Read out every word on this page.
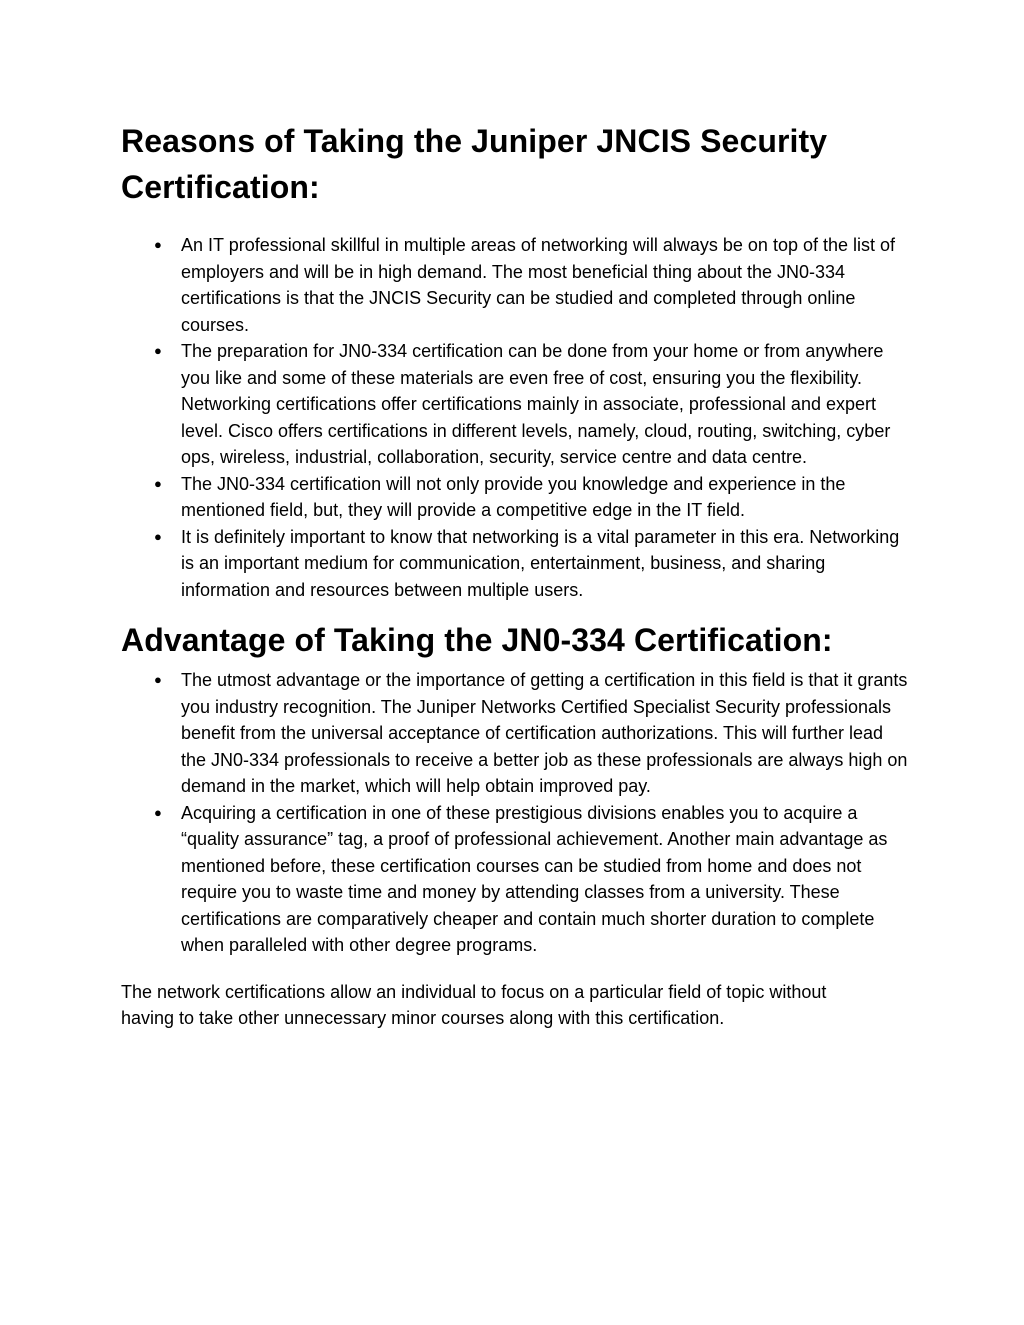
Reasons of Taking the Juniper JNCIS Security Certification:
● An IT professional skillful in multiple areas of networking will always be on top of the list of employers and will be in high demand. The most beneficial thing about the JN0-334 certifications is that the JNCIS Security can be studied and completed through online courses.
● The preparation for JN0-334 certification can be done from your home or from anywhere you like and some of these materials are even free of cost, ensuring you the flexibility. Networking certifications offer certifications mainly in associate, professional and expert level. Cisco offers certifications in different levels, namely, cloud, routing, switching, cyber ops, wireless, industrial, collaboration, security, service centre and data centre.
● The JN0-334 certification will not only provide you knowledge and experience in the mentioned field, but, they will provide a competitive edge in the IT field.
● It is definitely important to know that networking is a vital parameter in this era. Networking is an important medium for communication, entertainment, business, and sharing information and resources between multiple users.
Advantage of Taking the JN0-334 Certification:
● The utmost advantage or the importance of getting a certification in this field is that it grants you industry recognition. The Juniper Networks Certified Specialist Security professionals benefit from the universal acceptance of certification authorizations. This will further lead the JN0-334 professionals to receive a better job as these professionals are always high on demand in the market, which will help obtain improved pay.
● Acquiring a certification in one of these prestigious divisions enables you to acquire a “quality assurance” tag, a proof of professional achievement. Another main advantage as mentioned before, these certification courses can be studied from home and does not require you to waste time and money by attending classes from a university. These certifications are comparatively cheaper and contain much shorter duration to complete when paralleled with other degree programs.

The network certifications allow an individual to focus on a particular field of topic without having to take other unnecessary minor courses along with this certification.
